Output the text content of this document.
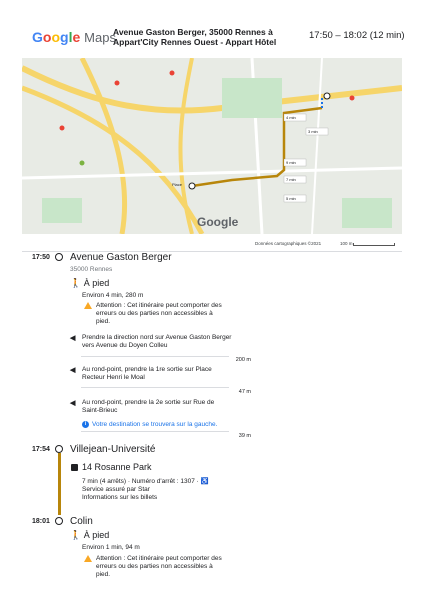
Google Maps
Avenue Gaston Berger, 35000 Rennes à Appart'City Rennes Ouest - Appart Hôtel
17:50 – 18:02 (12 min)
4 min
7 min
5 min
9 min
3 min
Place
Google
Données cartographiques ©2021	100 m
17:50 Avenue Gaston Berger
35000 Rennes
🚶 À pied
Environ 4 min, 280 m
Attention : Cet itinéraire peut comporter des erreurs ou des parties non accessibles à pied.
◀ Prendre la direction nord sur Avenue Gaston Berger vers Avenue du Doyen Colleu
200 m
◀ Au rond-point, prendre la 1re sortie sur Place Recteur Henri le Moal
47 m
◀ Au rond-point, prendre la 2e sortie sur Rue de Saint-Brieuc
i Votre destination se trouvera sur la gauche.
39 m
17:54 Villejean-Université
14 Rosanne Park
7 min (4 arrêts) · Numéro d'arrêt : 1307 · ♿
Service assuré par Star
Informations sur les billets
18:01 Colin
🚶 À pied
Environ 1 min, 94 m
Attention : Cet itinéraire peut comporter des erreurs ou des parties non accessibles à pied.
